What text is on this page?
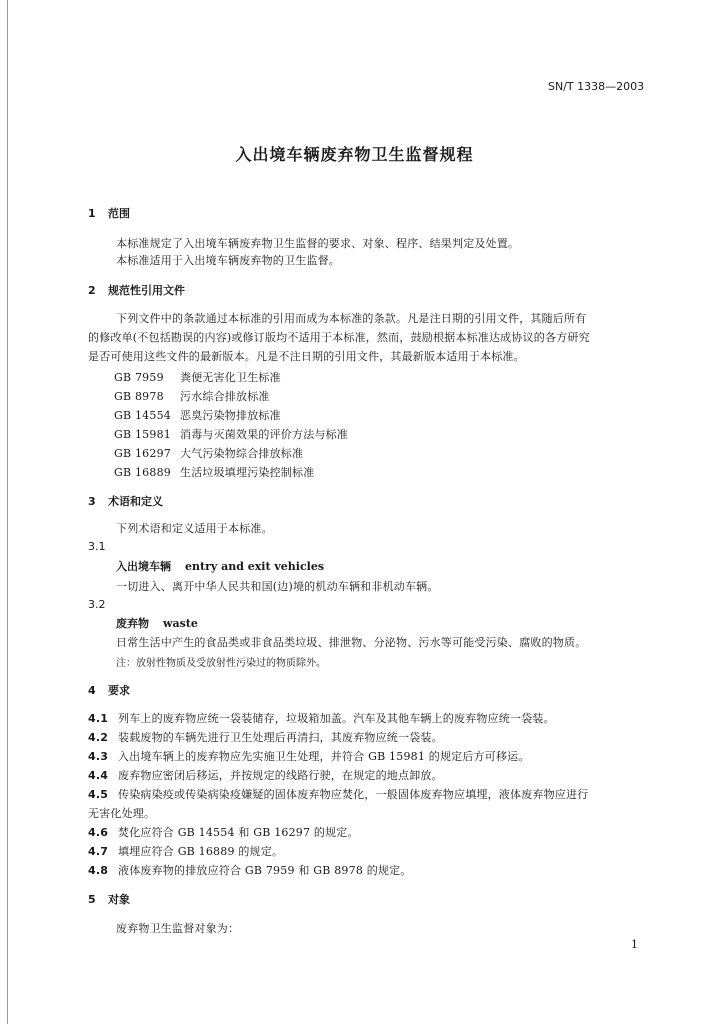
SN/T 1338—2003
入出境车辆废弃物卫生监督规程
1 范围
本标准规定了入出境车辆废弃物卫生监督的要求、对象、程序、结果判定及处置。
本标准适用于入出境车辆废弃物的卫生监督。
2 规范性引用文件
下列文件中的条款通过本标准的引用而成为本标准的条款。凡是注日期的引用文件，其随后所有
的修改单(不包括勘误的内容)或修订版均不适用于本标准，然而，鼓励根据本标准达成协议的各方研究
是否可使用这些文件的最新版本。凡是不注日期的引用文件，其最新版本适用于本标准。
GB 7959 粪便无害化卫生标准
GB 8978 污水综合排放标准
GB 14554 恶臭污染物排放标准
GB 15981 消毒与灭菌效果的评价方法与标准
GB 16297 大气污染物综合排放标准
GB 16889 生活垃圾填埋污染控制标准
3 术语和定义
下列术语和定义适用于本标准。
3.1
入出境车辆 entry and exit vehicles
一切进入、离开中华人民共和国(边)境的机动车辆和非机动车辆。
3.2
废弃物 waste
日常生活中产生的食品类或非食品类垃圾、排泄物、分泌物、污水等可能受污染、腐败的物质。
注：放射性物质及受放射性污染过的物质除外。
4 要求
4.1 列车上的废弃物应统一袋装储存，垃圾箱加盖。汽车及其他车辆上的废弃物应统一袋装。
4.2 装载废物的车辆先进行卫生处理后再清扫，其废弃物应统一袋装。
4.3 入出境车辆上的废弃物应先实施卫生处理，并符合 GB 15981 的规定后方可移运。
4.4 废弃物应密闭后移运，并按规定的线路行驶，在规定的地点卸放。
4.5 传染病染疫或传染病染疫嫌疑的固体废弃物应焚化，一般固体废弃物应填埋，液体废弃物应进行
无害化处理。
4.6 焚化应符合 GB 14554 和 GB 16297 的规定。
4.7 填埋应符合 GB 16889 的规定。
4.8 液体废弃物的排放应符合 GB 7959 和 GB 8978 的规定。
5 对象
废弃物卫生监督对象为：
1
